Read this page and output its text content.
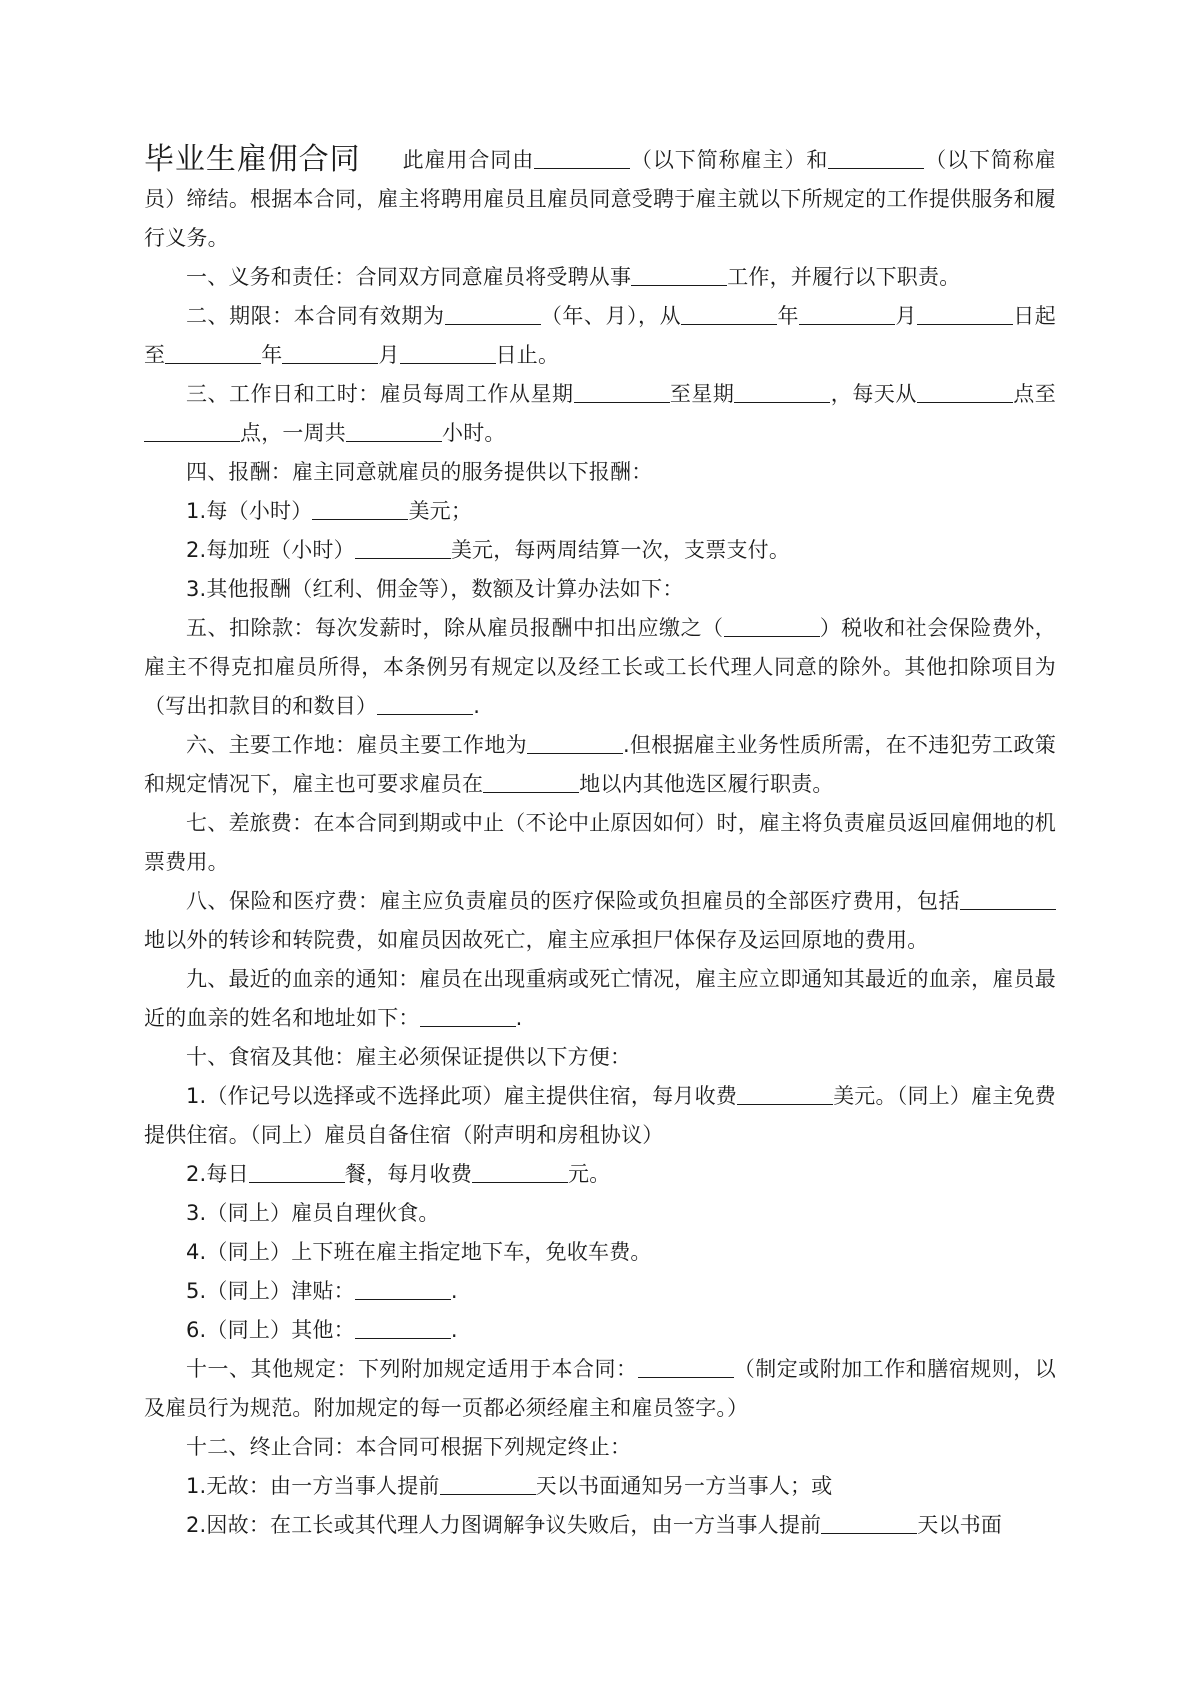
毕业生雇佣合同 此雇用合同由	（以下简称雇主）和	（以下简称雇员）缔结。根据本合同，雇主将聘用雇员且雇员同意受聘于雇主就以下所规定的工作提供服务和履行义务。

一、义务和责任：合同双方同意雇员将受聘从事	工作，并履行以下职责。

二、期限：本合同有效期为	（年、月），从	年	月	日起至	年	月	日止。

三、工作日和工时：雇员每周工作从星期	至星期	，每天从	点至点，一周共	小时。

四、报酬：雇主同意就雇员的服务提供以下报酬：

1.每（小时）	美元；

2.每加班（小时）	美元，每两周结算一次，支票支付。

3.其他报酬（红利、佣金等），数额及计算办法如下：

五、扣除款：每次发薪时，除从雇员报酬中扣出应缴之（	）税收和社会保险费外，雇主不得克扣雇员所得，本条例另有规定以及经工长或工长代理人同意的除外。其他扣除项目为（写出扣款目的和数目）	.

六、主要工作地：雇员主要工作地为	.但根据雇主业务性质所需，在不违犯劳工政策和规定情况下，雇主也可要求雇员在	地以内其他选区履行职责。

七、差旅费：在本合同到期或中止（不论中止原因如何）时，雇主将负责雇员返回雇佣地的机票费用。

八、保险和医疗费：雇主应负责雇员的医疗保险或负担雇员的全部医疗费用，包括地以外的转诊和转院费，如雇员因故死亡，雇主应承担尸体保存及运回原地的费用。

九、最近的血亲的通知：雇员在出现重病或死亡情况，雇主应立即通知其最近的血亲，雇员最近的血亲的姓名和地址如下：	.

十、食宿及其他：雇主必须保证提供以下方便：

1.（作记号以选择或不选择此项）雇主提供住宿，每月收费	美元。（同上）雇主免费提供住宿。（同上）雇员自备住宿（附声明和房租协议）

2.每日	餐，每月收费	元。

3.（同上）雇员自理伙食。

4.（同上）上下班在雇主指定地下车，免收车费。

5.（同上）津贴：	.

6.（同上）其他：	.

十一、其他规定：下列附加规定适用于本合同：	（制定或附加工作和膳宿规则，以及雇员行为规范。附加规定的每一页都必须经雇主和雇员签字。）

十二、终止合同：本合同可根据下列规定终止：

1.无故：由一方当事人提前	天以书面通知另一方当事人；或

2.因故：在工长或其代理人力图调解争议失败后，由一方当事人提前	天以书面
